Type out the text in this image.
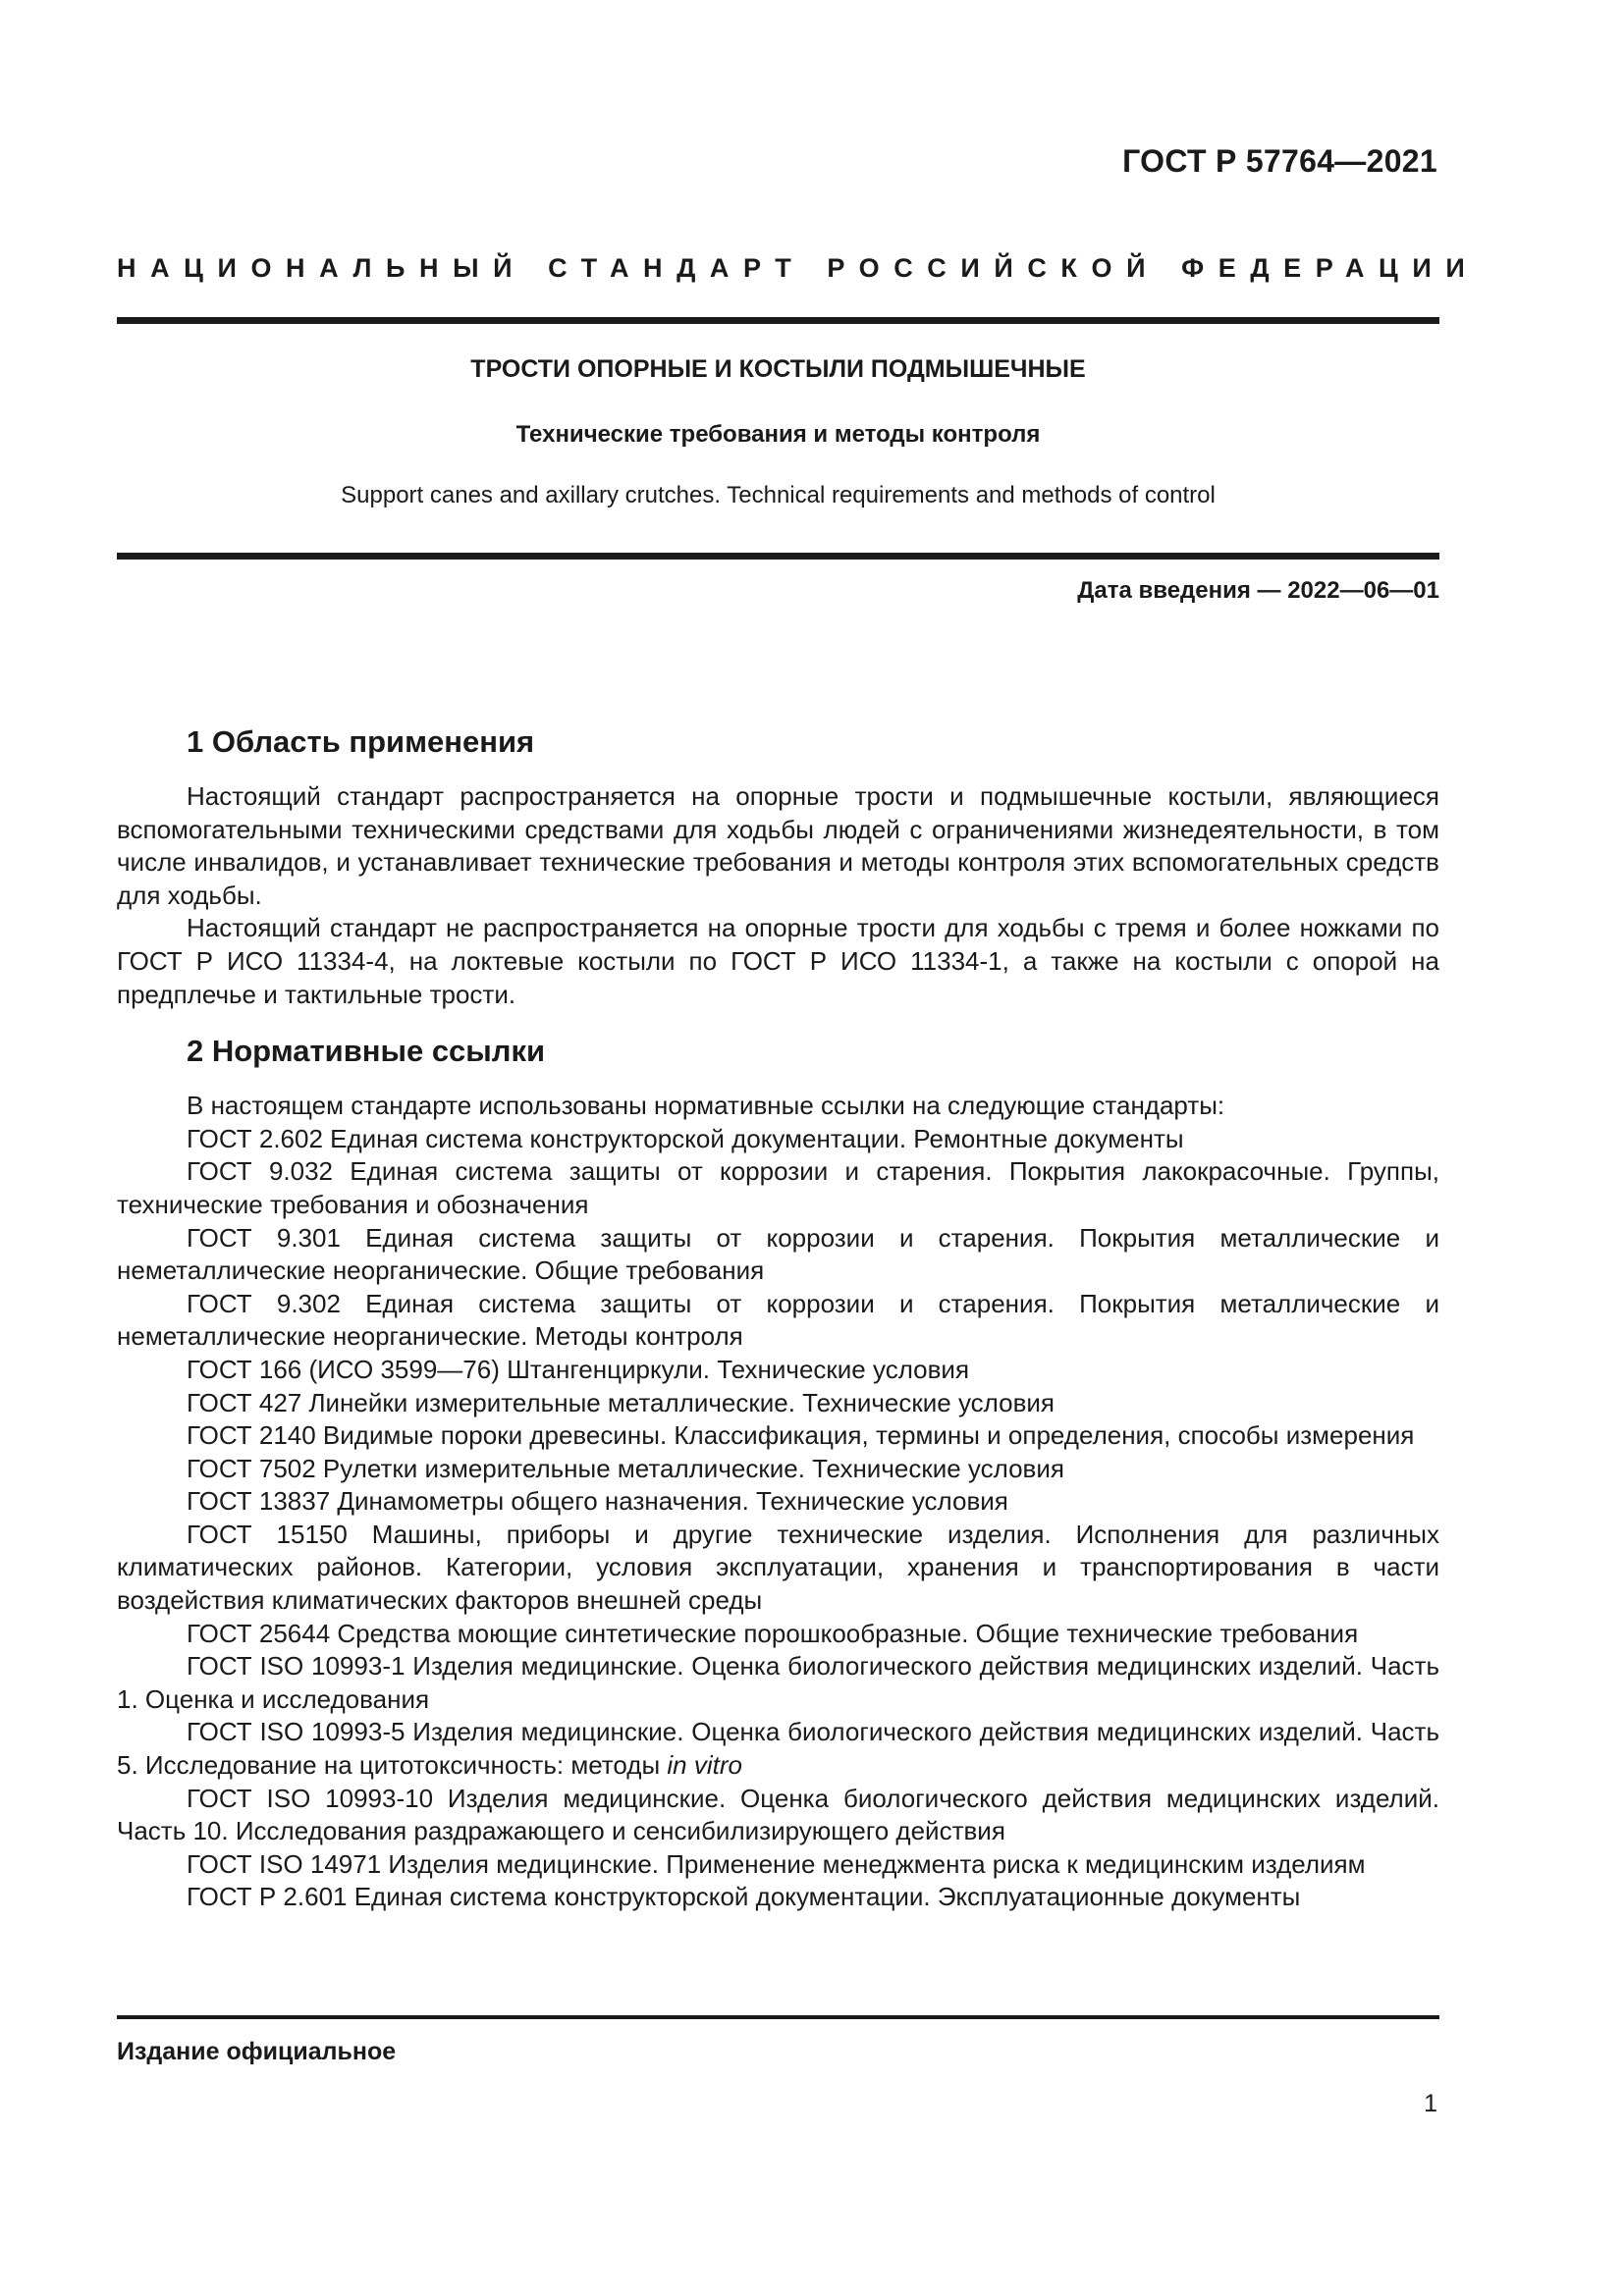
ГОСТ Р 57764—2021
НАЦИОНАЛЬНЫЙ СТАНДАРТ РОССИЙСКОЙ ФЕДЕРАЦИИ
ТРОСТИ ОПОРНЫЕ И КОСТЫЛИ ПОДМЫШЕЧНЫЕ
Технические требования и методы контроля
Support canes and axillary crutches. Technical requirements and methods of control
Дата введения — 2022—06—01
1 Область применения

Настоящий стандарт распространяется на опорные трости и подмышечные костыли, являющиеся вспомогательными техническими средствами для ходьбы людей с ограничениями жизнедеятельности, в том числе инвалидов, и устанавливает технические требования и методы контроля этих вспомогательных средств для ходьбы.

Настоящий стандарт не распространяется на опорные трости для ходьбы с тремя и более ножками по ГОСТ Р ИСО 11334-4, на локтевые костыли по ГОСТ Р ИСО 11334-1, а также на костыли с опорой на предплечье и тактильные трости.

2 Нормативные ссылки

В настоящем стандарте использованы нормативные ссылки на следующие стандарты:

ГОСТ 2.602 Единая система конструкторской документации. Ремонтные документы

ГОСТ 9.032 Единая система защиты от коррозии и старения. Покрытия лакокрасочные. Группы, технические требования и обозначения

ГОСТ 9.301 Единая система защиты от коррозии и старения. Покрытия металлические и неметаллические неорганические. Общие требования

ГОСТ 9.302 Единая система защиты от коррозии и старения. Покрытия металлические и неметаллические неорганические. Методы контроля

ГОСТ 166 (ИСО 3599—76) Штангенциркули. Технические условия

ГОСТ 427 Линейки измерительные металлические. Технические условия

ГОСТ 2140 Видимые пороки древесины. Классификация, термины и определения, способы измерения

ГОСТ 7502 Рулетки измерительные металлические. Технические условия

ГОСТ 13837 Динамометры общего назначения. Технические условия

ГОСТ 15150 Машины, приборы и другие технические изделия. Исполнения для различных климатических районов. Категории, условия эксплуатации, хранения и транспортирования в части воздействия климатических факторов внешней среды

ГОСТ 25644 Средства моющие синтетические порошкообразные. Общие технические требования

ГОСТ ISO 10993-1 Изделия медицинские. Оценка биологического действия медицинских изделий. Часть 1. Оценка и исследования

ГОСТ ISO 10993-5 Изделия медицинские. Оценка биологического действия медицинских изделий. Часть 5. Исследование на цитотоксичность: методы in vitro

ГОСТ ISO 10993-10 Изделия медицинские. Оценка биологического действия медицинских изделий. Часть 10. Исследования раздражающего и сенсибилизирующего действия

ГОСТ ISO 14971 Изделия медицинские. Применение менеджмента риска к медицинским изделиям

ГОСТ Р 2.601 Единая система конструкторской документации. Эксплуатационные документы

Издание официальное
1
